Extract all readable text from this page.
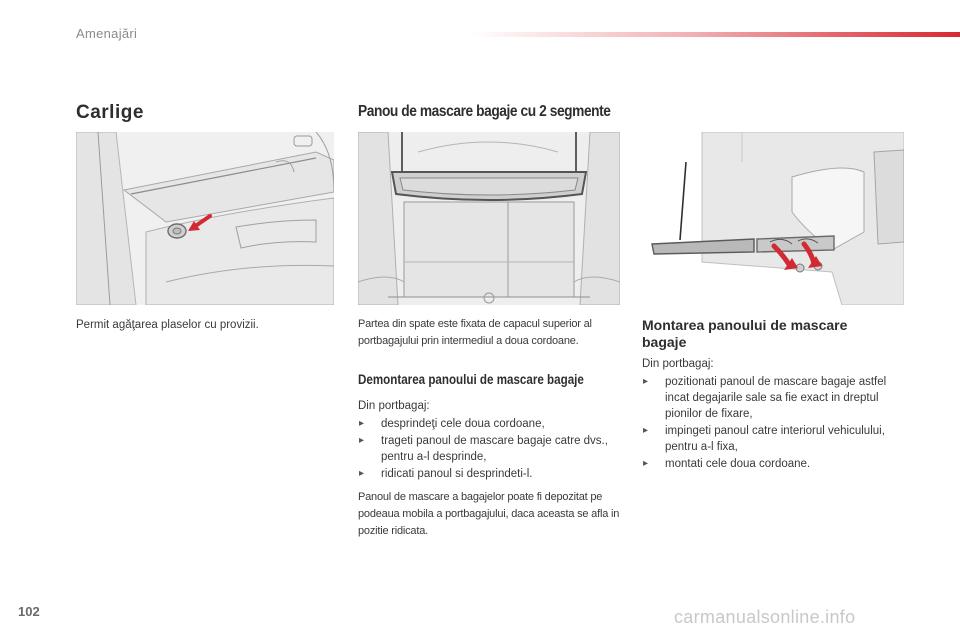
Amenajări
Carlige
Permit agăţarea plaselor cu provizii.
Panou de mascare bagaje cu 2 segmente
Partea din spate este fixata de capacul superior al portbagajului prin intermediul a doua cordoane.
Demontarea panoului de mascare bagaje
Din portbagaj:
▸ desprindeţi cele doua cordoane,
▸ trageti panoul de mascare bagaje catre dvs., pentru a-l desprinde,
▸ ridicati panoul si desprindeti-l.
Panoul de mascare a bagajelor poate fi depozitat pe podeaua mobila a portbagajului, daca aceasta se afla in pozitie ridicata.
Montarea panoului de mascare bagaje
Din portbagaj:
▸ pozitionati panoul de mascare bagaje astfel incat degajarile sale sa fie exact in dreptul pionilor de fixare,
▸ impingeti panoul catre interiorul vehiculului, pentru a-l fixa,
▸ montati cele doua cordoane.
102	carmanualsonline.info
